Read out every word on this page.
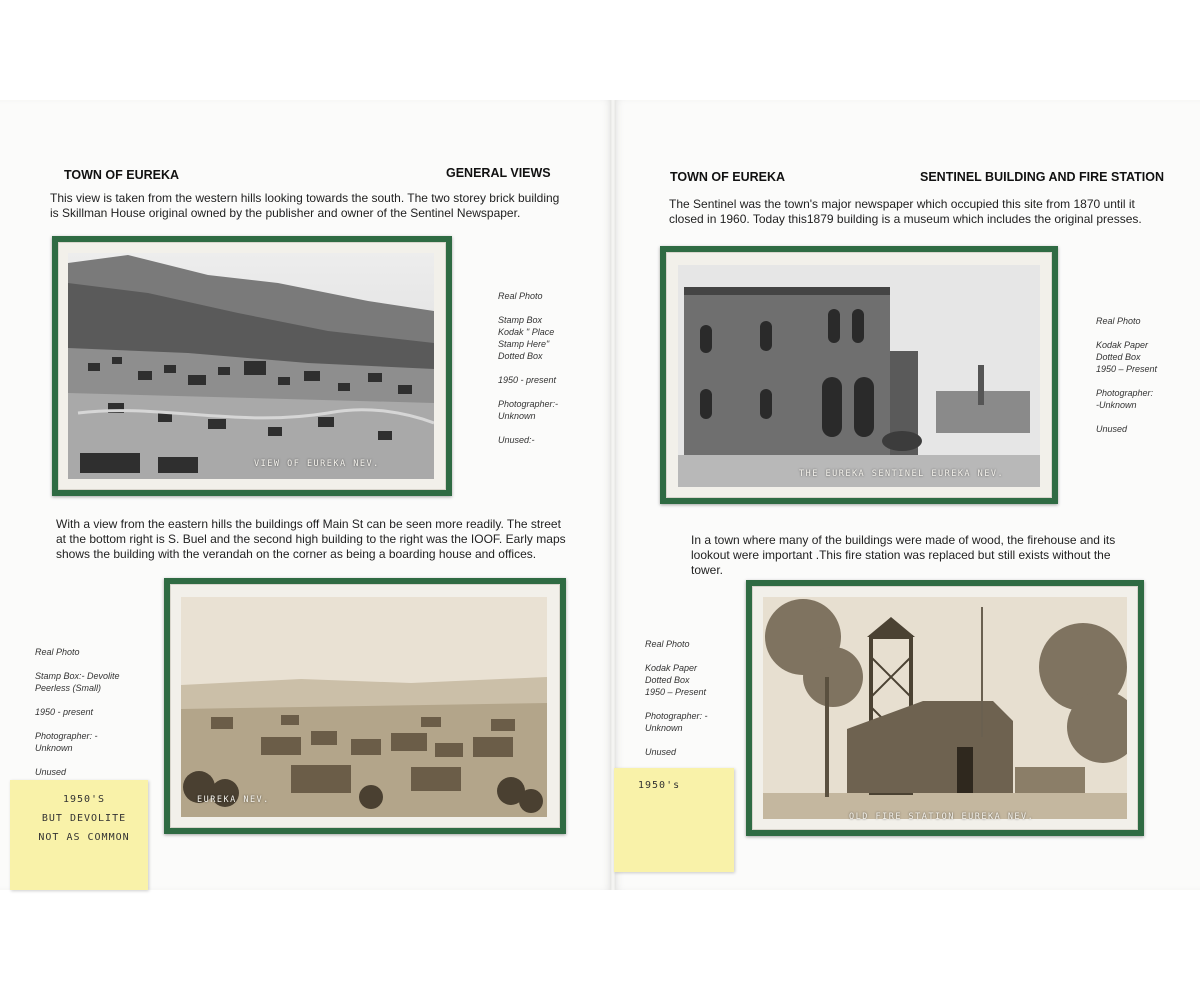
TOWN OF EUREKA	GENERAL VIEWS
This view is taken from the western hills looking towards the south. The two storey brick building is Skillman House original owned by the publisher and owner of the Sentinel Newspaper.
VIEW OF EUREKA NEV.

Real Photo

Stamp Box
Kodak " Place
Stamp Here"
Dotted Box

1950 - present

Photographer:-
Unknown

Unused:-

With a view from the eastern hills the buildings off Main St can be seen more readily. The street at the bottom right is S. Buel and the second high building to the right was the IOOF. Early maps shows the building with the verandah on the corner as being a boarding house and offices.
EUREKA NEV.

Real Photo

Stamp Box:- Devolite
Peerless (Small)

1950 - present

Photographer: -
Unknown

Unused

1950'S
BUT DEVOLITE
NOT AS COMMON
TOWN OF EUREKA	SENTINEL BUILDING AND FIRE STATION
The Sentinel was the town's major newspaper which occupied this site from 1870 until it closed in 1960. Today this1879 building is a museum which includes the original presses.
THE EUREKA SENTINEL EUREKA NEV.

Real Photo

Kodak Paper
Dotted Box
1950 – Present

Photographer:
-Unknown

Unused

In a town where many of the buildings were made of wood, the firehouse and its lookout were important .This fire station was replaced but still exists without the tower.
OLD FIRE STATION EUREKA NEV.

Real Photo

Kodak Paper
Dotted Box
1950 – Present

Photographer: -
Unknown

Unused

1950's
